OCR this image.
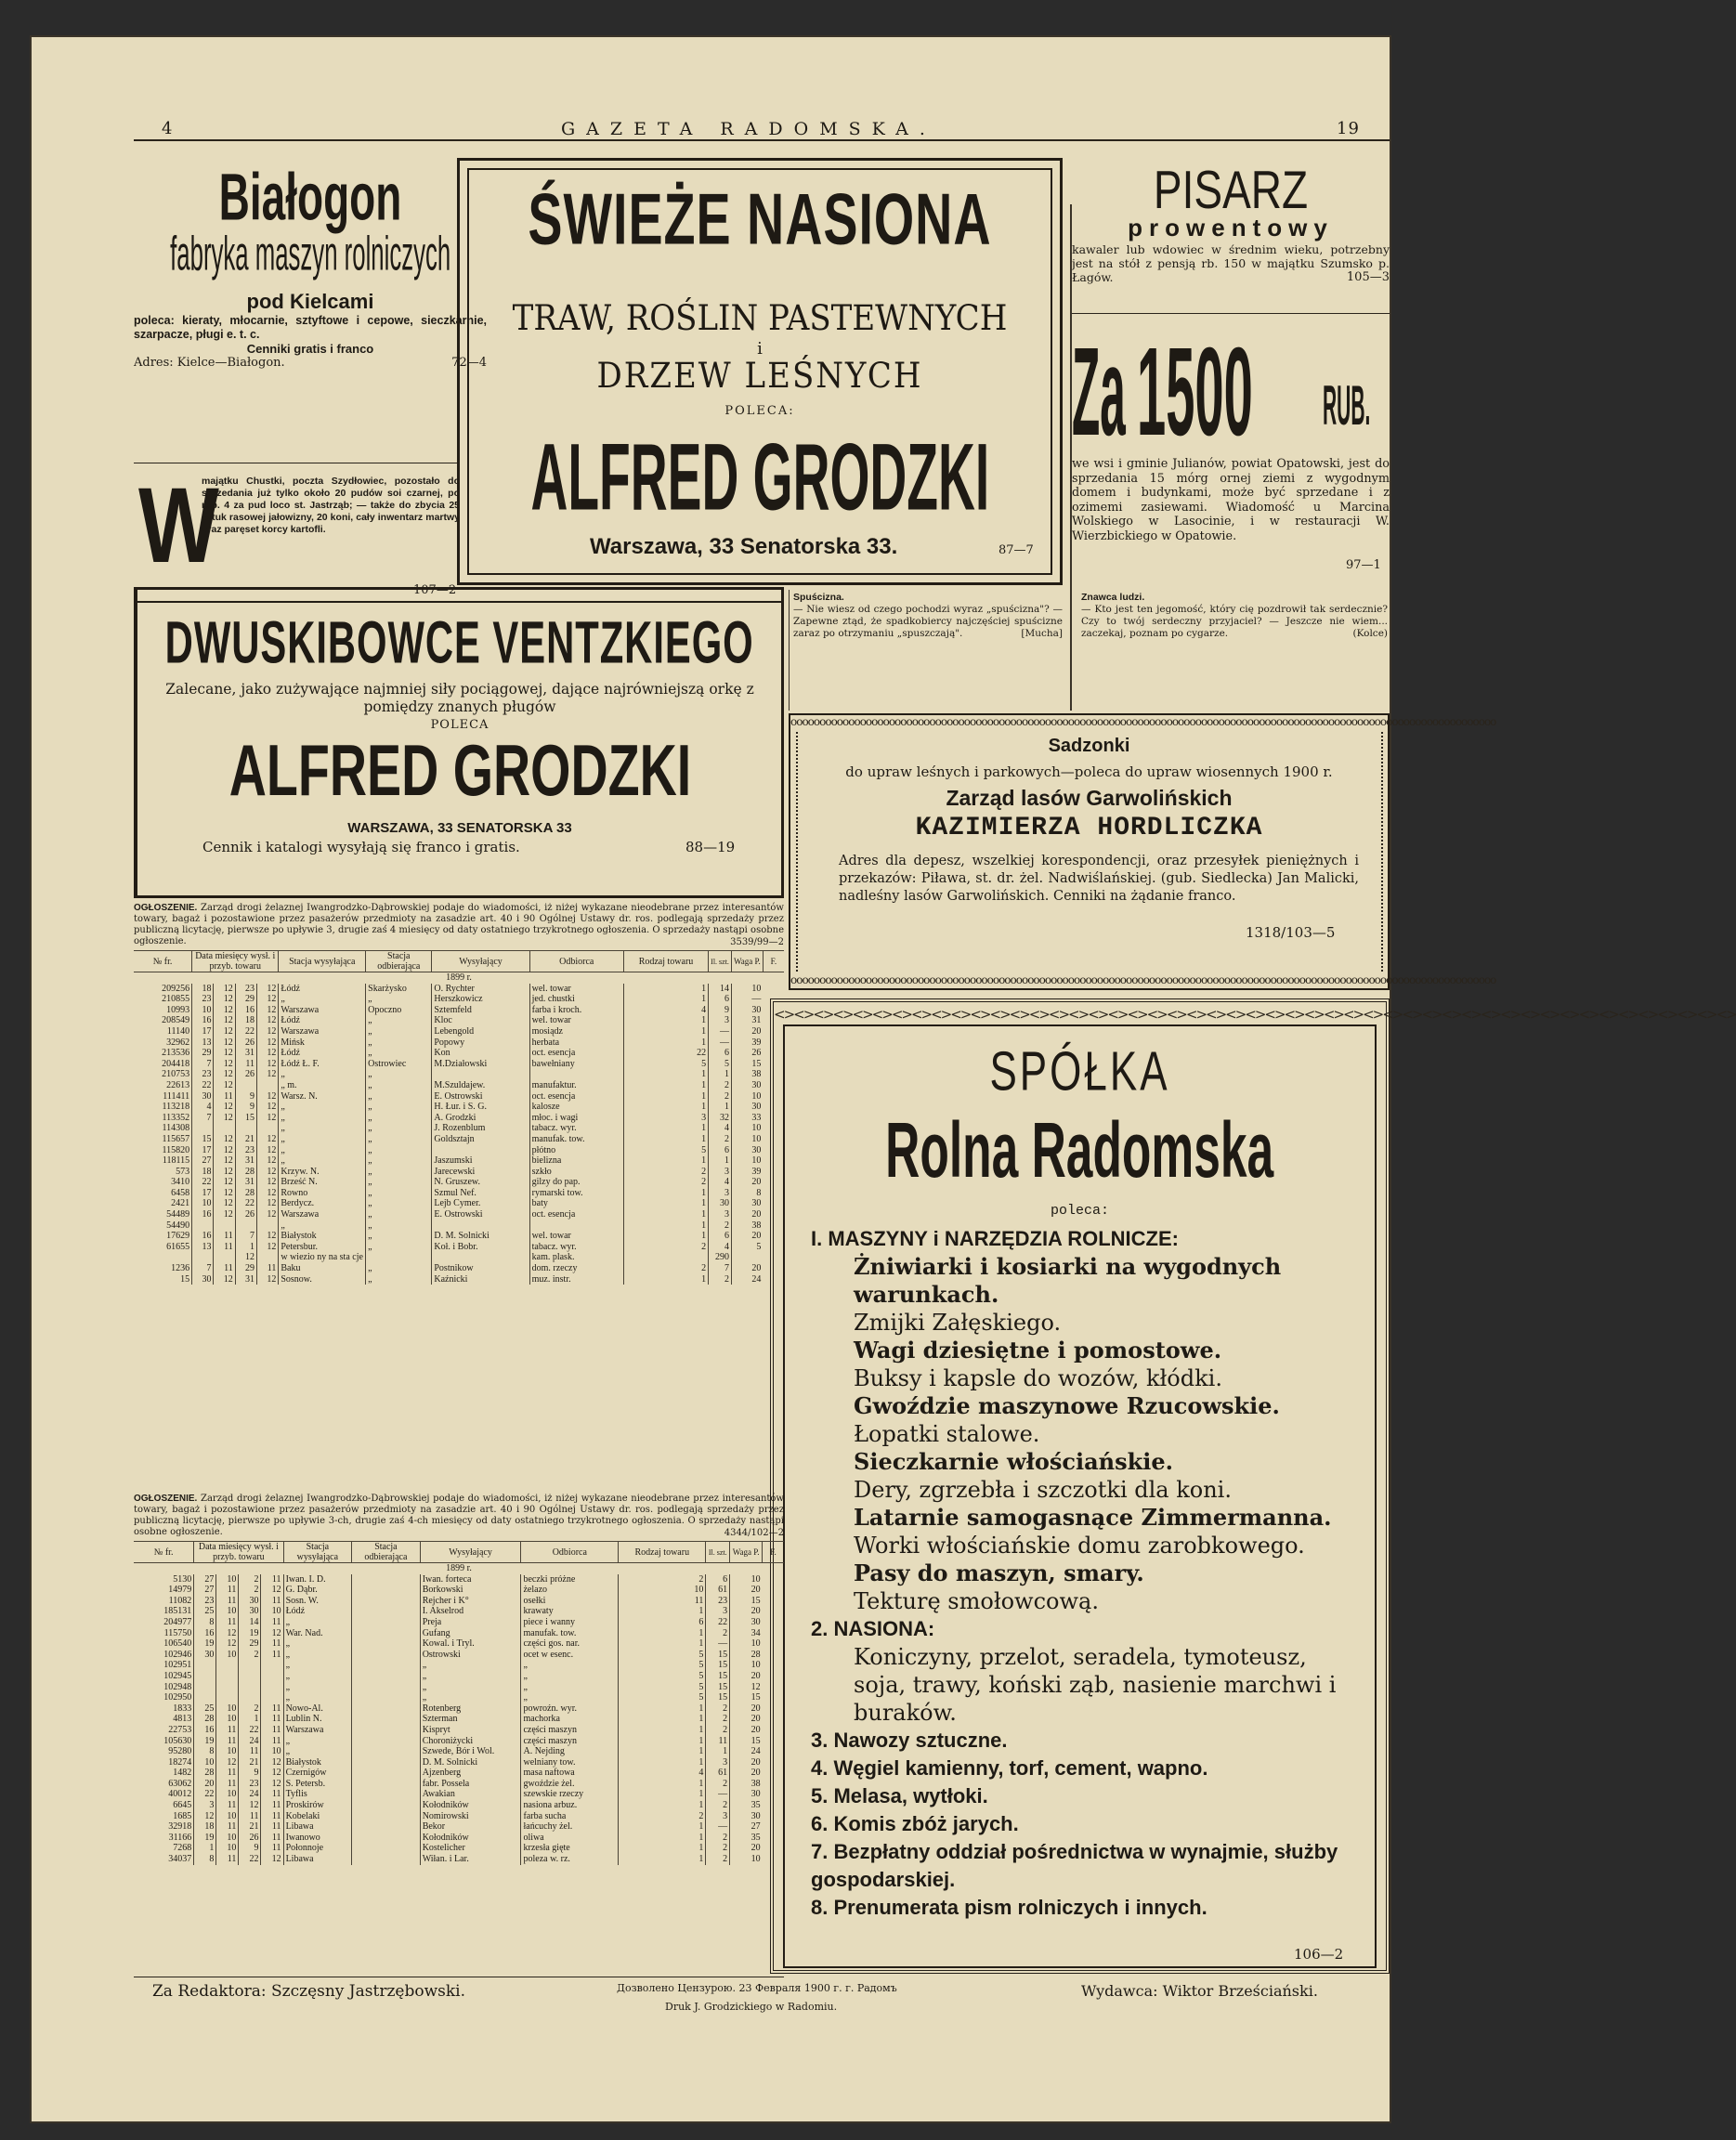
4	GAZETA RADOMSKA.	19
Białogon
fabryka maszyn rolniczych
pod Kielcami
poleca: kieraty, młocarnie, sztyftowe i cepowe, sieczkarnie, szarpacze, pługi e. t. c.
Cenniki gratis i franco
Adres: Kielce—Białogon.	72—4
W
majątku Chustki, poczta Szydłowiec, pozostało do sprzedania już tylko około 20 pudów soi czarnej, po rub. 4 za pud loco st. Jastrząb; — także do zbycia 25 sztuk rasowej jałowizny, 20 koni, cały inwentarz martwy oraz paręset korcy kartofli.
107—2
ŚWIEŻE NASIONA
TRAW, ROŚLIN PASTEWNYCH
i
DRZEW LEŚNYCH
POLECA:
ALFRED GRODZKI
Warszawa, 33 Senatorska 33.	87—7
PISARZ
prowentowy
kawaler lub wdowiec w średnim wieku, potrzebny jest na stół z pensją rb. 150 w majątku Szumsko p. Łagów.	105—3
Za 1500	RUB.
we wsi i gminie Julianów, powiat Opatowski, jest do sprzedania 15 mórg ornej ziemi z wygodnym domem i budynkami, może być sprzedane i z ozimemi zasiewami. Wiadomość u Marcina Wolskiego w Lasocinie, i w restauracji W. Wierzbickiego w Opatowie.
97—1
DWUSKIBOWCE VENTZKIEGO
Zalecane, jako zużywające najmniej siły pociągowej, dające najrówniejszą orkę z pomiędzy znanych pługów
POLECA
ALFRED GRODZKI
WARSZAWA, 33 SENATORSKA 33
Cennik i katalogi wysyłają się franco i gratis.	88—19
Spuścizna.
— Nie wiesz od czego pochodzi wyraz „spuścizna"? — Zapewne ztąd, że spadkobiercy najczęściej spuścizne zaraz po otrzymaniu „spuszczają".	[Mucha]
Znawca ludzi.
— Kto jest ten jegomość, który cię pozdrowił tak serdecznie? Czy to twój serdeczny przyjaciel? — Jeszcze nie wiem... zaczekaj, poznam po cygarze.	(Kolce)
oooooooooooooooooooooooooooooooooooooooooooooooooooooooooooooooooooooooooooooooooooooooooooooooooooooooooooooooooooooooooo
oooooooooooooooooooooooooooooooooooooooooooooooooooooooooooooooooooooooooooooooooooooooooooooooooooooooooooooooooooooooooo
Sadzonki
do upraw leśnych i parkowych—poleca do upraw wiosennych 1900 r.
Zarząd lasów Garwolińskich
KAZIMIERZA HORDLICZKA
Adres dla depesz, wszelkiej korespondencji, oraz przesyłek pieniężnych i przekazów: Piława, st. dr. żel. Nadwiślańskiej. (gub. Siedlecka) Jan Malicki, nadleśny lasów Garwolińskich. Cenniki na żądanie franco.
1318/103—5
<><><><><><><><><><><><><><><><><><><><><><><><><><><><><><><><><><><><><><><><><><><><><><><><><>
SPÓŁKA
Rolna Radomska
poleca:

I. MASZYNY i NARZĘDZIA ROLNICZE:

Żniwiarki i kosiarki na wygodnych warunkach.

Zmijki Załęskiego.

Wagi dziesiętne i pomostowe.

Buksy i kapsle do wozów, kłódki.

Gwoździe maszynowe Rzucowskie.

Łopatki stalowe.

Sieczkarnie włościańskie.

Dery, zgrzebła i szczotki dla koni.

Latarnie samogasnące Zimmermanna.

Worki włościańskie domu zarobkowego.

Pasy do maszyn, smary.

Tekturę smołowcową.

2. NASIONA:

Koniczyny, przelot, seradela, tymoteusz, soja, trawy, koński ząb, nasienie marchwi i buraków.

3. Nawozy sztuczne.

4. Węgiel kamienny, torf, cement, wapno.

5. Melasa, wytłoki.

6. Komis zbóż jarych.

7. Bezpłatny oddział pośrednictwa w wynajmie, służby gospodarskiej.

8. Prenumerata pism rolniczych i innych.

106—2
OGŁOSZENIE. Zarząd drogi żelaznej Iwangrodzko-Dąbrowskiej podaje do wiadomości, iż niżej wykazane nieodebrane przez interesantów towary, bagaż i pozostawione przez pasażerów przedmioty na zasadzie art. 40 i 90 Ogólnej Ustawy dr. ros. podlegają sprzedaży przez publiczną licytację, pierwsze po upływie 3, drugie zaś 4 miesięcy od daty ostatniego trzykrotnego ogłoszenia. O sprzedaży nastąpi osobne ogłoszenie.	3539/99—2
№ fr.	Data miesięcy wysł. i przyb. towaru				Stacja wysyłająca	Stacja odbierająca	Wysyłający	Odbiorca	Rodzaj towaru	Il. szt.	Waga P.	F.
1899 r.												
209256	18	12	23	12	Łódź	Skarżysko	O. Rychter	wel. towar	1	14	10	
210855	23	12	29	12	„	„	Herszkowicz	jed. chustki	1	6	—	
10993	10	12	16	12	Warszawa	Opoczno	Sztemfeld	farba i kroch.	4	9	30	
208549	16	12	18	12	Łódź	„	Kloc	wel. towar	1	3	31	
11140	17	12	22	12	Warszawa	„	Lebengold	mosiądz	1	—	20	
32962	13	12	26	12	Mińsk	„	Popowy	herbata	1	—	39	
213536	29	12	31	12	Łódź	„	Kon	oct. esencja	22	6	26	
204418	7	12	11	12	Łódź Ł. F.	Ostrowiec	M.Działowski	bawełniany	5	5	15	
210753	23	12	26	12	„	„			1	1	38	
22613	22	12			„ m.	„	M.Szuldajew.	manufaktur.	1	2	30	
111411	30	11	9	12	Warsz. N.	„	E. Ostrowski	oct. esencja	1	2	10	
113218	4	12	9	12	„	„	H. Łur. i S. G.	kalosze	1	1	30	
113352	7	12	15	12	„	„	A. Grodzki	młoc. i wagi	3	32	33	
114308					„	„	J. Rozenblum	tabacz. wyr.	1	4	10	
115657	15	12	21	12	„	„	Goldsztajn	manufak. tow.	1	2	10	
115820	17	12	23	12	„	„		płótno	5	6	30	
118115	27	12	31	12	„	„	Jaszumski	bielizna	1	1	10	
573	18	12	28	12	Krzyw. N.	„	Jarecewski	szkło	2	3	39	
3410	22	12	31	12	Brześć N.	„	N. Gruszew.	gilzy do pap.	2	4	20	
6458	17	12	28	12	Rowno	„	Szmul Nef.	rymarski tow.	1	3	8	
2421	10	12	22	12	Berdycz.	„	Lejb Cymer.	baty	1	30	30	
54489	16	12	26	12	Warszawa	„	E. Ostrowski	oct. esencja	1	3	20	
54490					„	„			1	2	38	
17629	16	11	7	12	Białystok	„	D. M. Solnicki	wel. towar	1	6	20	
61655	13	11	1	12	Petersbur.	„	Koł. i Bobr.	tabacz. wyr.	2	4	5	
			12		w wiezio ny na sta cje			kam. plask.		290		
1236	7	11	29	11	Baku	„	Postnikow	dom. rzeczy	2	7	20	
15	30	12	31	12	Sosnow.	„	Kaźnicki	muz. instr.	1	2	24	
OGŁOSZENIE. Zarząd drogi żelaznej Iwangrodzko-Dąbrowskiej podaje do wiadomości, iż niżej wykazane nieodebrane przez interesantów towary, bagaż i pozostawione przez pasażerów przedmioty na zasadzie art. 40 i 90 Ogólnej Ustawy dr. ros. podlegają sprzedaży przez publiczną licytację, pierwsze po upływie 3-ch, drugie zaś 4-ch miesięcy od daty ostatniego trzykrotnego ogłoszenia. O sprzedaży nastąpi osobne ogłoszenie.	4344/102—2
№ fr.	Data miesięcy wysł. i przyb. towaru				Stacja wysyłająca	Stacja odbierająca	Wysyłający	Odbiorca	Rodzaj towaru	Il. szt.	Waga P.	F.
1899 r.												
5130	27	10	2	11	Iwan. I. D.		Iwan. forteca	beczki próżne	2	6	10	
14979	27	11	2	12	G. Dąbr.		Borkowski	żelazo	10	61	20	
11082	23	11	30	11	Sosn. W.		Rejcher i K°	osełki	11	23	15	
185131	25	10	30	10	Łódź		I. Akselrod	krawaty	1	3	20	
204977	8	11	14	11	„		Preja	piece i wanny	6	22	30	
115750	16	12	19	12	War. Nad.		Gufang	manufak. tow.	1	2	34	
106540	19	12	29	11	„		Kowal. i Tryl.	części gos. nar.	1	—	10	
102946	30	10	2	11	„		Ostrowski	ocet w esenc.	5	15	28	
102951					„		„	„	5	15	10	
102945					„		„	„	5	15	20	
102948					„		„	„	5	15	12	
102950					„		„	„	5	15	15	
1833	25	10	2	11	Nowo-Al.		Rotenberg	powroźn. wyr.	1	2	20	
4813	28	10	1	11	Lublin N.		Szterman	machorka	1	2	20	
22753	16	11	22	11	Warszawa		Kispryt	części maszyn	1	2	20	
105630	19	11	24	11	„		Choroniżycki	części maszyn	1	11	15	
95280	8	10	11	10	„		Szwede, Bór i Wol.	A. Nejding	1	1	24	
18274	10	12	21	12	Białystok		D. M. Solnicki	welniany tow.	1	3	20	
1482	28	11	9	12	Czernigów		Ajzenberg	masa naftowa	4	61	20	
63062	20	11	23	12	S. Petersb.		fabr. Possela	gwoździe żel.	1	2	38	
40012	22	10	24	11	Tyflis		Awakian	szewskie rzeczy	1	—	30	
6645	3	11	12	11	Proskirów		Kołodników	nasiona arbuz.	1	2	35	
1685	12	10	11	11	Kobelaki		Nomirowski	farba sucha	2	3	30	
32918	18	11	21	11	Libawa		Bekor	łańcuchy żel.	1	—	27	
31166	19	10	26	11	Iwanowo		Kołodników	oliwa	1	2	35	
7268	1	10	9	11	Połonnoje		Kostelicher	krzesła gięte	1	2	20	
34037	8	11	22	12	Libawa		Wiłan. i Lar.	poleza w. rz.	1	2	10	
Za Redaktora: Szczęsny Jastrzębowski.	Дозволено Цензурою. 23 Февраля 1900 г. г. Радомъ
Druk J. Grodzickiego w Radomiu.
Wydawca: Wiktor Brześciański.
